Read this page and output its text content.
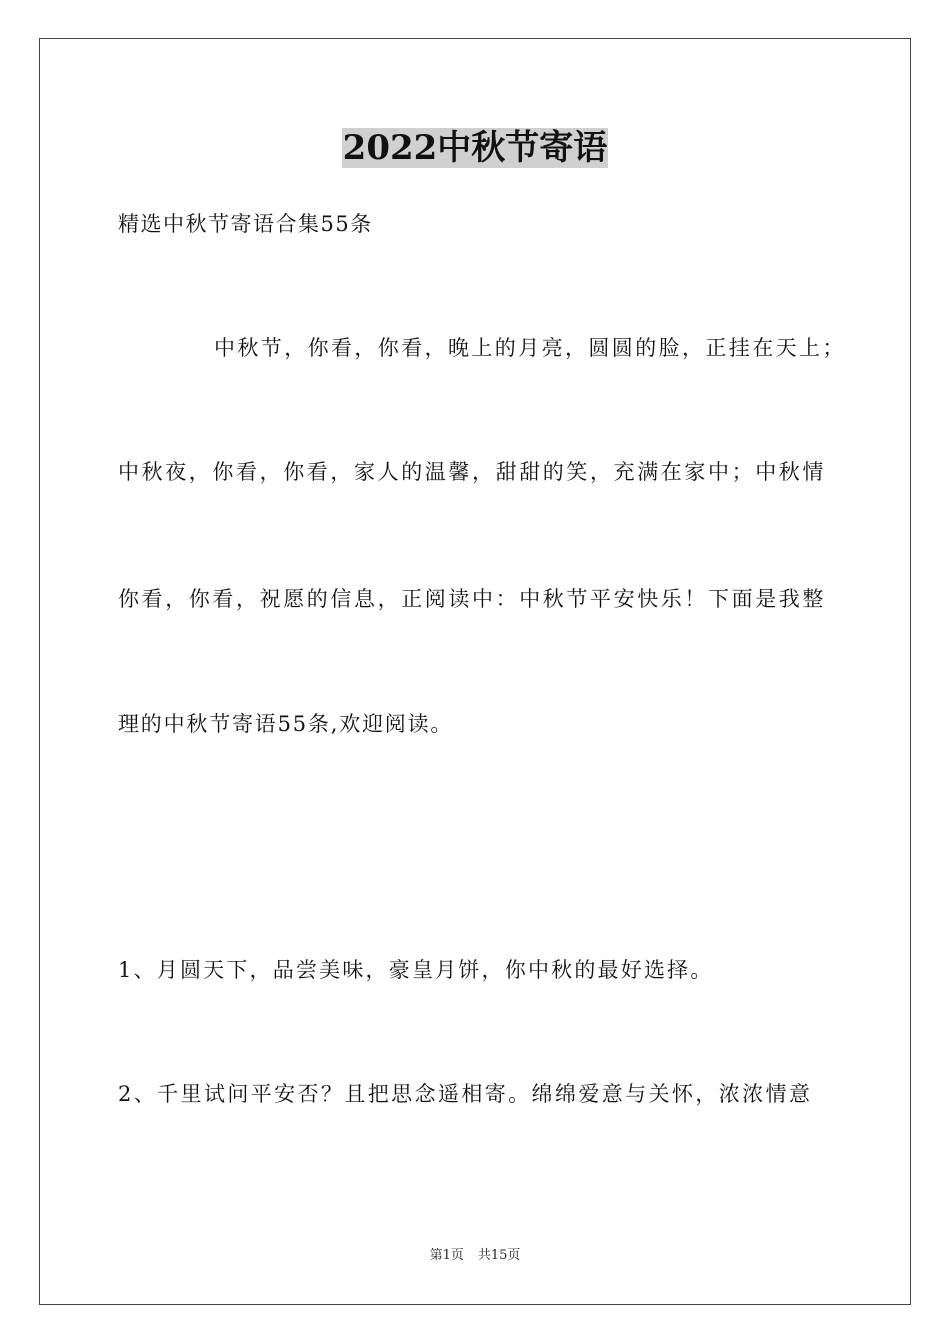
2022中秋节寄语
精选中秋节寄语合集55条
中秋节，你看，你看，晚上的月亮，圆圆的脸，正挂在天上；
中秋夜，你看，你看，家人的温馨，甜甜的笑，充满在家中；中秋情
你看，你看，祝愿的信息，正阅读中：中秋节平安快乐！下面是我整
理的中秋节寄语55条,欢迎阅读。
1、月圆天下，品尝美味，豪皇月饼，你中秋的最好选择。
2、千里试问平安否？且把思念遥相寄。绵绵爱意与关怀，浓浓情意
第1页 共15页
